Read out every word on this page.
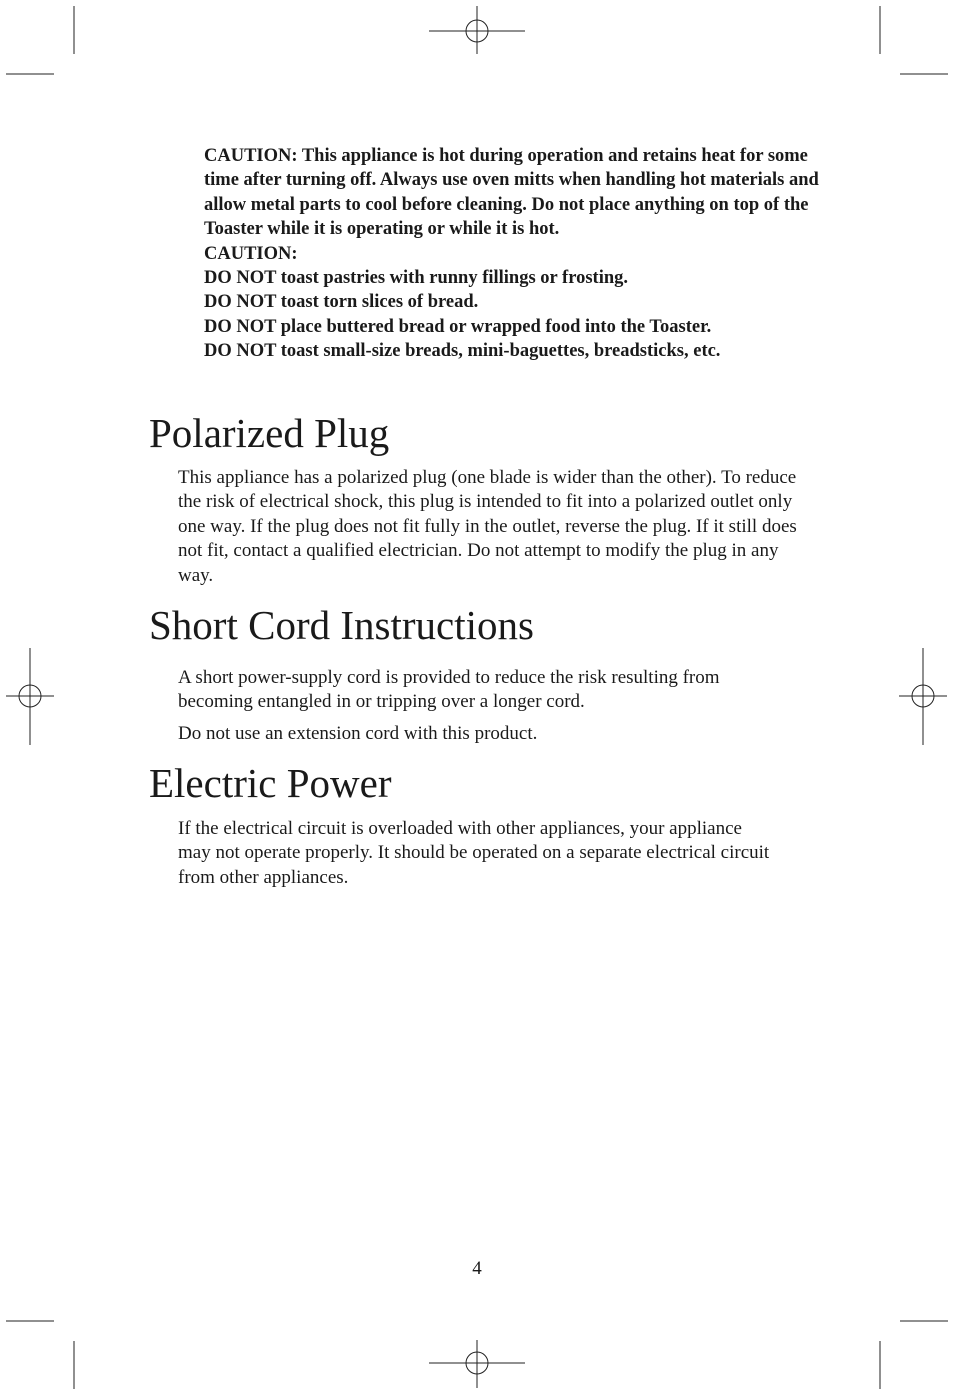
CAUTION: This appliance is hot during operation and retains heat for some time after turning off. Always use oven mitts when handling hot materials and allow metal parts to cool before cleaning. Do not place anything on top of the Toaster while it is operating or while it is hot.

CAUTION:

DO NOT toast pastries with runny fillings or frosting.

DO NOT toast torn slices of bread.

DO NOT place buttered bread or wrapped food into the Toaster.

DO NOT toast small-size breads, mini-baguettes, breadsticks, etc.

Polarized Plug

This appliance has a polarized plug (one blade is wider than the other). To reduce the risk of electrical shock, this plug is intended to fit into a polarized outlet only one way. If the plug does not fit fully in the outlet, reverse the plug. If it still does not fit, contact a qualified electrician. Do not attempt to modify the plug in any way.

Short Cord Instructions

A short power-supply cord is provided to reduce the risk resulting from becoming entangled in or tripping over a longer cord.

Do not use an extension cord with this product.

Electric Power

If the electrical circuit is overloaded with other appliances, your appliance may not operate properly. It should be operated on a separate electrical circuit from other appliances.

4
